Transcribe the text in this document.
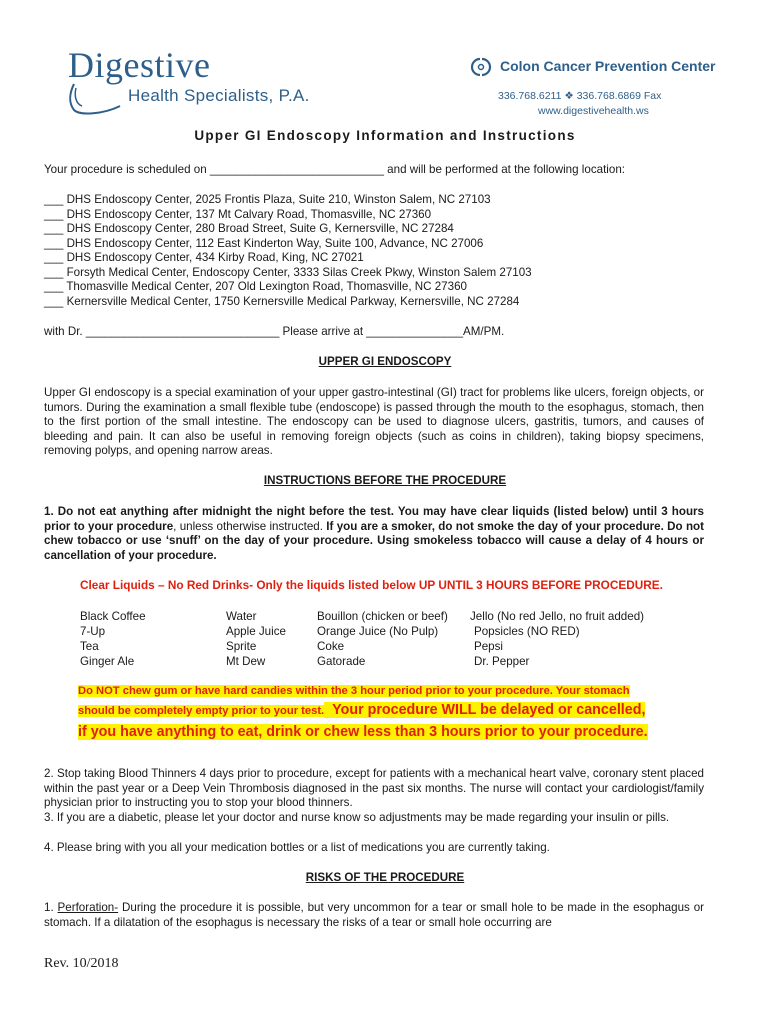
Digestive
Health Specialists, P.A.
Colon Cancer Prevention Center
336.768.6211 ❖ 336.768.6869 Fax
www.digestivehealth.ws
Upper GI Endoscopy Information and Instructions
Your procedure is scheduled on ___________________________ and will be performed at the following location:
___ DHS Endoscopy Center, 2025 Frontis Plaza, Suite 210, Winston Salem, NC 27103
___ DHS Endoscopy Center, 137 Mt Calvary Road, Thomasville, NC 27360
___ DHS Endoscopy Center, 280 Broad Street, Suite G, Kernersville, NC 27284
___ DHS Endoscopy Center, 112 East Kinderton Way, Suite 100, Advance, NC 27006
___ DHS Endoscopy Center, 434 Kirby Road, King, NC 27021
___ Forsyth Medical Center, Endoscopy Center, 3333 Silas Creek Pkwy, Winston Salem 27103
___ Thomasville Medical Center, 207 Old Lexington Road, Thomasville, NC 27360
___ Kernersville Medical Center, 1750 Kernersville Medical Parkway, Kernersville, NC 27284
with Dr. ______________________________ Please arrive at _______________AM/PM.
UPPER GI ENDOSCOPY
Upper GI endoscopy is a special examination of your upper gastro-intestinal (GI) tract for problems like ulcers, foreign objects, or tumors. During the examination a small flexible tube (endoscope) is passed through the mouth to the esophagus, stomach, then to the first portion of the small intestine. The endoscopy can be used to diagnose ulcers, gastritis, tumors, and causes of bleeding and pain. It can also be useful in removing foreign objects (such as coins in children), taking biopsy specimens, removing polyps, and opening narrow areas.
INSTRUCTIONS BEFORE THE PROCEDURE
1. Do not eat anything after midnight the night before the test. You may have clear liquids (listed below) until 3 hours prior to your procedure, unless otherwise instructed. If you are a smoker, do not smoke the day of your procedure. Do not chew tobacco or use ‘snuff’ on the day of your procedure. Using smokeless tobacco will cause a delay of 4 hours or cancellation of your procedure.
Clear Liquids – No Red Drinks- Only the liquids listed below UP UNTIL 3 HOURS BEFORE PROCEDURE.
Black Coffee
7-Up
Tea
Ginger Ale
Water
Apple Juice
Sprite
Mt Dew
Bouillon (chicken or beef)
Orange Juice (No Pulp)
Coke
Gatorade
Jello (No red Jello, no fruit added)
Popsicles (NO RED)
Pepsi
Dr. Pepper
Do NOT chew gum or have hard candies within the 3 hour period prior to your procedure. Your stomach
should be completely empty prior to your test. Your procedure WILL be delayed or cancelled,
if you have anything to eat, drink or chew less than 3 hours prior to your procedure.
2. Stop taking Blood Thinners 4 days prior to procedure, except for patients with a mechanical heart valve, coronary stent placed within the past year or a Deep Vein Thrombosis diagnosed in the past six months. The nurse will contact your cardiologist/family physician prior to instructing you to stop your blood thinners.
3. If you are a diabetic, please let your doctor and nurse know so adjustments may be made regarding your insulin or pills.
4. Please bring with you all your medication bottles or a list of medications you are currently taking.
RISKS OF THE PROCEDURE
1. Perforation- During the procedure it is possible, but very uncommon for a tear or small hole to be made in the esophagus or stomach. If a dilatation of the esophagus is necessary the risks of a tear or small hole occurring are
Rev. 10/2018
